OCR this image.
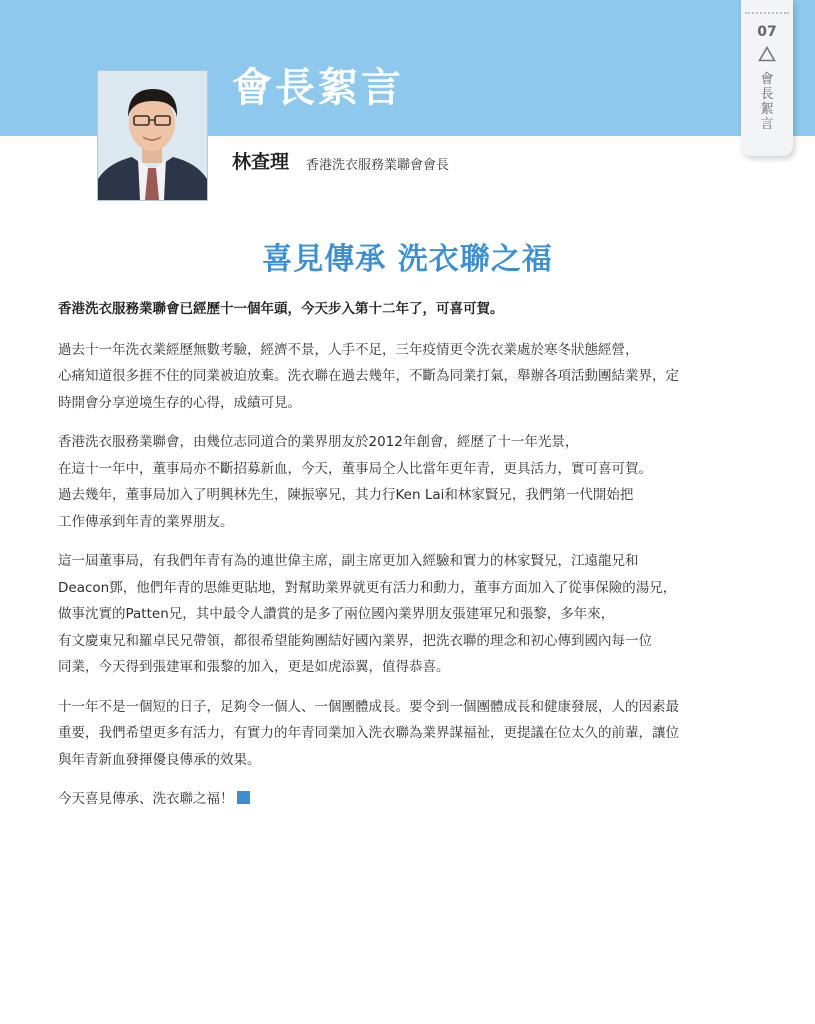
會長絮言
林查理 香港洗衣服務業聯會會長
07
會長絮言
喜見傳承 洗衣聯之福

香港洗衣服務業聯會已經歷十一個年頭，今天步入第十二年了，可喜可賀。

過去十一年洗衣業經歷無數考驗，經濟不景，人手不足，三年疫情更令洗衣業處於寒冬狀態經營，
心痛知道很多捱不住的同業被迫放棄。洗衣聯在過去幾年，不斷為同業打氣，舉辦各項活動團結業界，定
時開會分享逆境生存的心得，成績可見。

香港洗衣服務業聯會，由幾位志同道合的業界朋友於2012年創會，經歷了十一年光景，
在這十一年中，董事局亦不斷招募新血，今天，董事局仝人比當年更年青，更具活力，實可喜可賀。
過去幾年，董事局加入了明興林先生，陳振寧兄，其力行Ken Lai和林家賢兄，我們第一代開始把
工作傳承到年青的業界朋友。

這一屆董事局，有我們年青有為的連世偉主席，副主席更加入經驗和實力的林家賢兄，江遠龍兄和
Deacon鄧，他們年青的思維更貼地，對幫助業界就更有活力和動力，董事方面加入了從事保險的湯兄，
做事沈實的Patten兄，其中最令人讚賞的是多了兩位國內業界朋友張建軍兄和張黎，多年來，
有文慶東兄和羅卓民兄帶領，都很希望能夠團結好國內業界，把洗衣聯的理念和初心傳到國內每一位
同業，今天得到張建軍和張黎的加入，更是如虎添翼，值得恭喜。

十一年不是一個短的日子，足夠令一個人、一個團體成長。要令到一個團體成長和健康發展，人的因素最
重要，我們希望更多有活力，有實力的年青同業加入洗衣聯為業界謀福祉，更提議在位太久的前輩，讓位
與年青新血發揮優良傳承的效果。

今天喜見傳承、洗衣聯之福！
